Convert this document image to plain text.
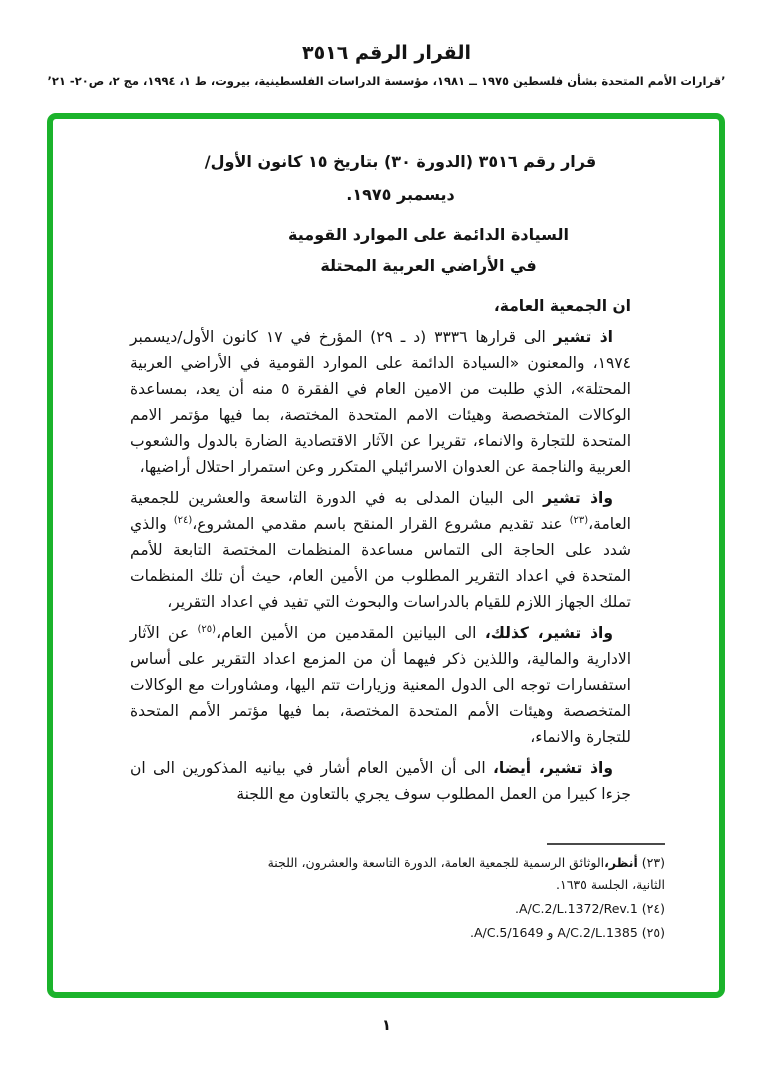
القرار الرقم ٣٥١٦
’قرارات الأمم المتحدة بشأن فلسطين ١٩٧٥ ــ ١٩٨١، مؤسسة الدراسات الفلسطينية، بيروت، ط ١، ١٩٩٤، مج ٢، ص٢٠- ٢١’

قرار رقم ٣٥١٦ (الدورة ٣٠) بتاريخ ١٥ كانون الأول/ديسمبر ١٩٧٥.

السيادة الدائمة على الموارد القومية
في الأراضي العربية المحتلة

ان الجمعية العامة،

اذ تشير الى قرارها ٣٣٣٦ (د ـ ٢٩) المؤرخ في ١٧ كانون الأول/ديسمبر ١٩٧٤، والمعنون «السيادة الدائمة على الموارد القومية في الأراضي العربية المحتلة»، الذي طلبت من الامين العام في الفقرة ٥ منه أن يعد، بمساعدة الوكالات المتخصصة وهيئات الامم المتحدة المختصة، بما فيها مؤتمر الامم المتحدة للتجارة والانماء، تقريرا عن الآثار الاقتصادية الضارة بالدول والشعوب العربية والناجمة عن العدوان الاسرائيلي المتكرر وعن استمرار احتلال أراضيها،

واذ تشير الى البيان المدلى به في الدورة التاسعة والعشرين للجمعية العامة،$^{(٢٣)}$ عند تقديم مشروع القرار المنقح باسم مقدمي المشروع،$^{(٢٤)}$ والذي شدد على الحاجة الى التماس مساعدة المنظمات المختصة التابعة للأمم المتحدة في اعداد التقرير المطلوب من الأمين العام، حيث أن تلك المنظمات تملك الجهاز اللازم للقيام بالدراسات والبحوث التي تفيد في اعداد التقرير،

واذ تشير، كذلك، الى البيانين المقدمين من الأمين العام،$^{(٢٥)}$ عن الآثار الادارية والمالية، واللذين ذكر فيهما أن من المزمع اعداد التقرير على أساس استفسارات توجه الى الدول المعنية وزيارات تتم اليها، ومشاورات مع الوكالات المتخصصة وهيئات الأمم المتحدة المختصة، بما فيها مؤتمر الأمم المتحدة للتجارة والانماء،

واذ تشير، أيضا، الى أن الأمين العام أشار في بيانيه المذكورين الى ان جزءا كبيرا من العمل المطلوب سوف يجري بالتعاون مع اللجنة

(٢٣) أنظر،الوثائق الرسمية للجمعية العامة، الدورة التاسعة والعشرون، اللجنة الثانية، الجلسة ١٦٣٥.

(٢٤) A/C.2/L.1372/Rev.1.

(٢٥) A/C.2/L.1385 و A/C.5/1649.

١
